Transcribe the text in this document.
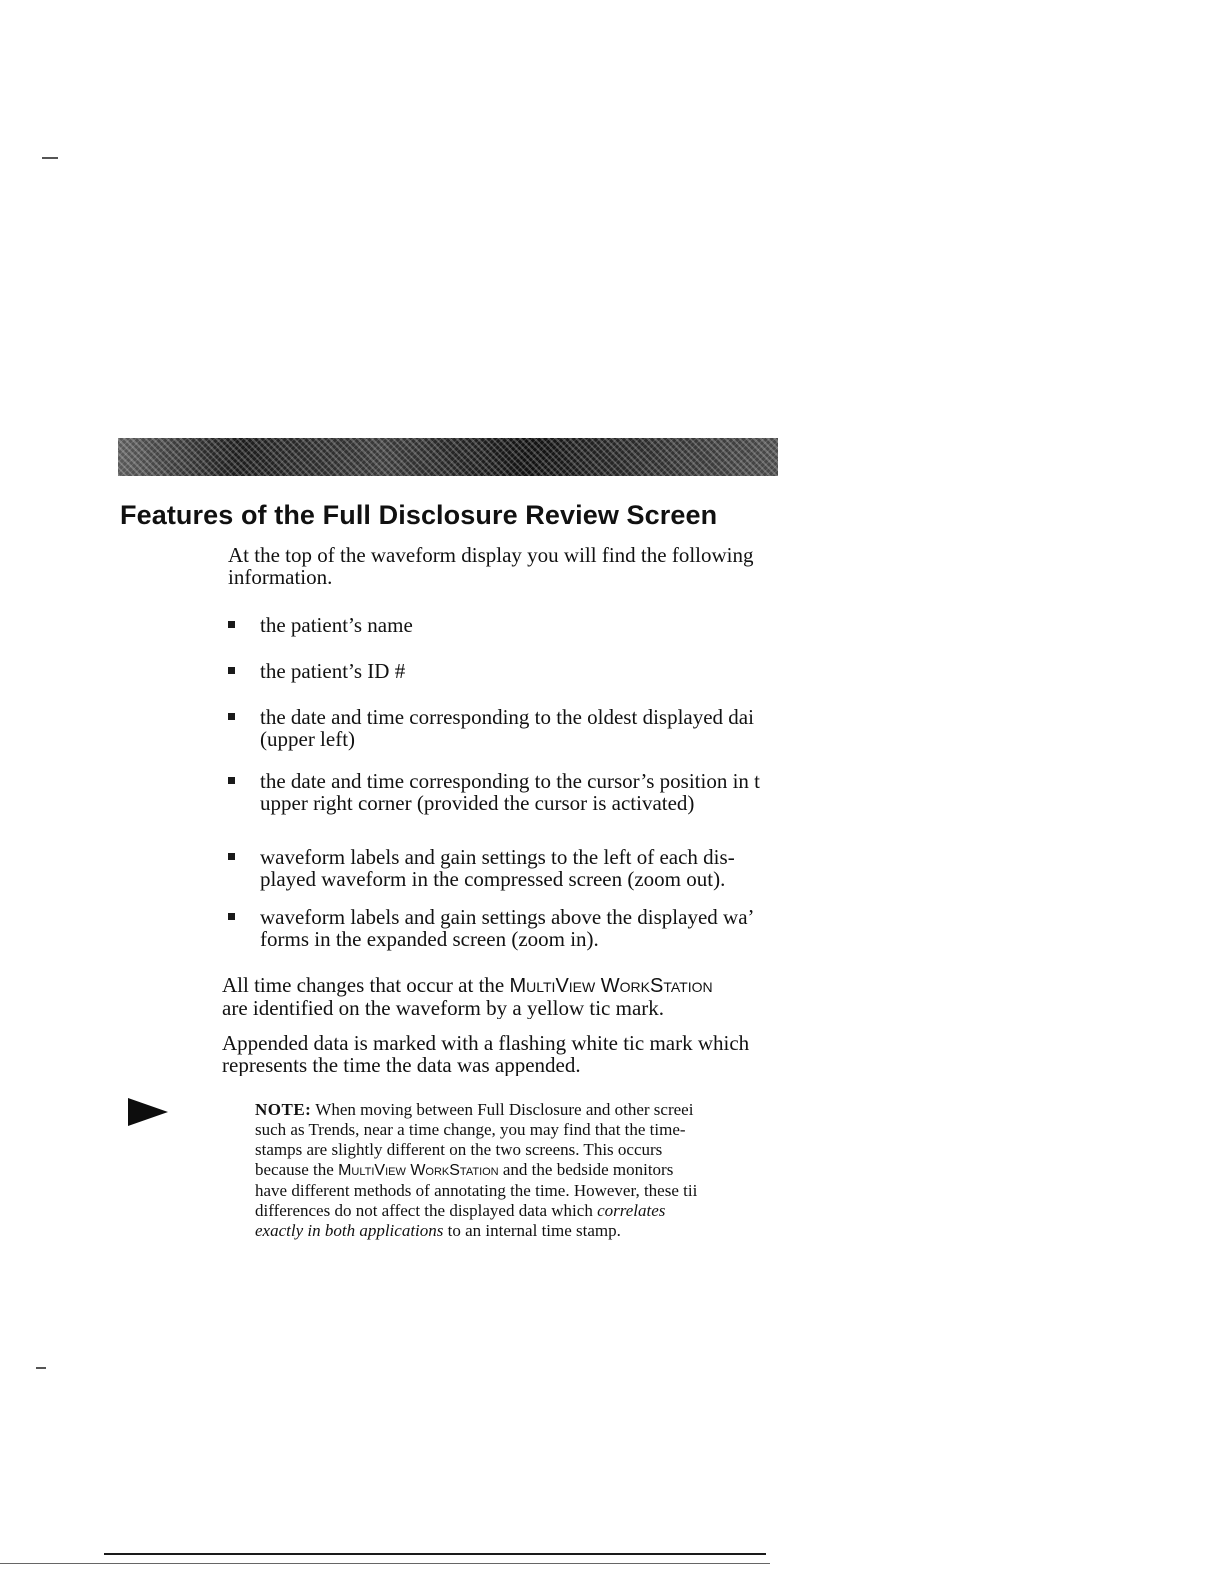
Features of the Full Disclosure Review Screen
At the top of the waveform display you will find the following
information.
the patient’s name
the patient’s ID #
the date and time corresponding to the oldest displayed dai
(upper left)
the date and time corresponding to the cursor’s position in t
upper right corner (provided the cursor is activated)
waveform labels and gain settings to the left of each dis-
played waveform in the compressed screen (zoom out).
waveform labels and gain settings above the displayed wa’
forms in the expanded screen (zoom in).
All time changes that occur at the MultiView WorkStation
are identified on the waveform by a yellow tic mark.
Appended data is marked with a flashing white tic mark which
represents the time the data was appended.
NOTE: When moving between Full Disclosure and other screei
such as Trends, near a time change, you may find that the time-
stamps are slightly different on the two screens. This occurs
because the MultiView WorkStation and the bedside monitors
have different methods of annotating the time. However, these tii
differences do not affect the displayed data which correlates
exactly in both applications to an internal time stamp.
